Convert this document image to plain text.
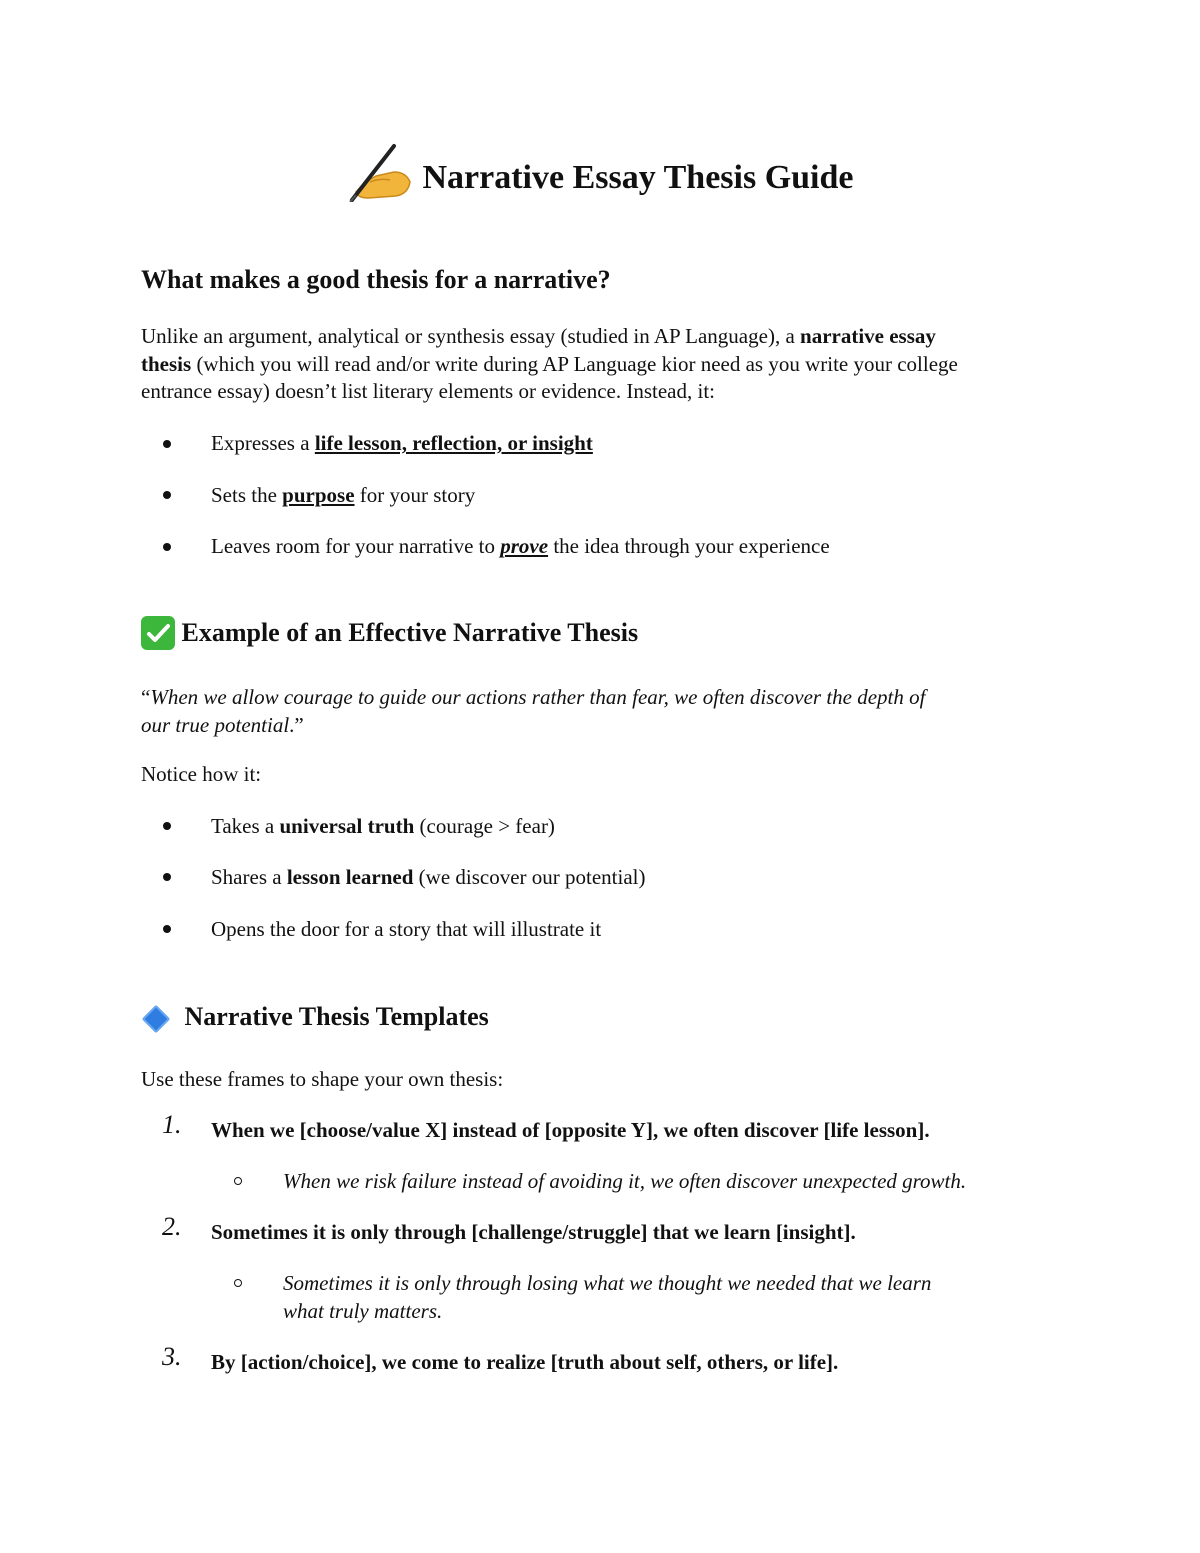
Narrative Essay Thesis Guide
What makes a good thesis for a narrative?
Unlike an argument, analytical or synthesis essay (studied in AP Language), a narrative essay
thesis (which you will read and/or write during AP Language kior need as you write your college
entrance essay) doesn’t list literary elements or evidence. Instead, it:
Expresses a life lesson, reflection, or insight
Sets the purpose for your story
Leaves room for your narrative to prove the idea through your experience
Example of an Effective Narrative Thesis
“When we allow courage to guide our actions rather than fear, we often discover the depth of
our true potential.”
Notice how it:
Takes a universal truth (courage > fear)
Shares a lesson learned (we discover our potential)
Opens the door for a story that will illustrate it
Narrative Thesis Templates
Use these frames to shape your own thesis:
1. When we [choose/value X] instead of [opposite Y], we often discover [life lesson].
When we risk failure instead of avoiding it, we often discover unexpected growth.
2. Sometimes it is only through [challenge/struggle] that we learn [insight].
Sometimes it is only through losing what we thought we needed that we learn
what truly matters.
3. By [action/choice], we come to realize [truth about self, others, or life].
